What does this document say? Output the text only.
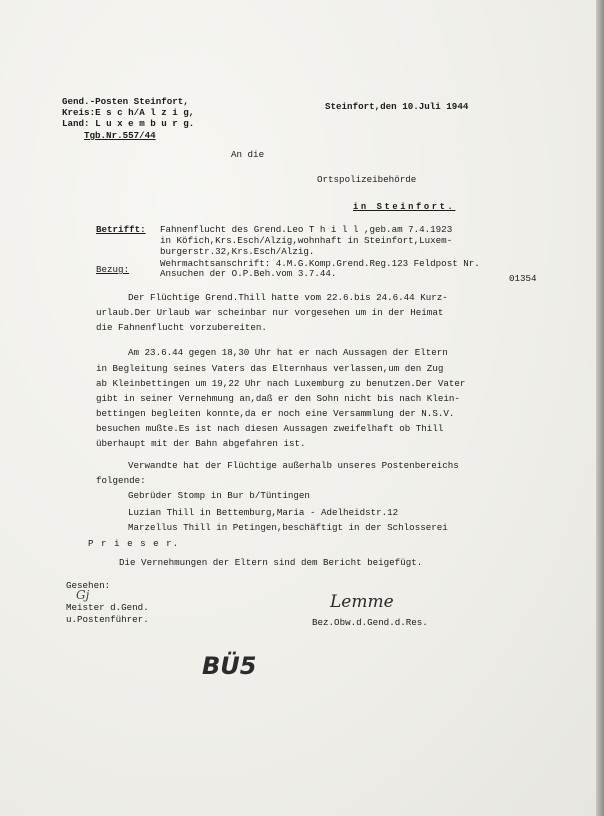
Gend.-Posten Steinfort,
Kreis:E s c h/A l z i g,
Land: L u x e m b u r g.
Tgb.Nr.557/44
Steinfort,den 10.Juli 1944
An die
Ortspolizeibehörde
in Steinfort.
Betrifft: Fahnenflucht des Grend.Leo T h i l l ,geb.am 7.4.1923
in Köfich,Krs.Esch/Alzig,wohnhaft in Steinfort,Luxem-
burgerstr.32,Krs.Esch/Alzig.
Wehrmachtsanschrift: 4.M.G.Komp.Grend.Reg.123 Feldpost Nr.
Bezug:	Ansuchen der O.P.Beh.vom 3.7.44.	01354
Der Flüchtige Grend.Thill hatte vom 22.6.bis 24.6.44 Kurz-
urlaub.Der Urlaub war scheinbar nur vorgesehen um in der Heimat
die Fahnenflucht vorzubereiten.
Am 23.6.44 gegen 18,30 Uhr hat er nach Aussagen der Eltern
in Begleitung seines Vaters das Elternhaus verlassen,um den Zug
ab Kleinbettingen um 19,22 Uhr nach Luxemburg zu benutzen.Der Vater
gibt in seiner Vernehmung an,daß er den Sohn nicht bis nach Klein-
bettingen begleiten konnte,da er noch eine Versammlung der N.S.V.
besuchen mußte.Es ist nach diesen Aussagen zweifelhaft ob Thill
überhaupt mit der Bahn abgefahren ist.
Verwandte hat der Flüchtige außerhalb unseres Postenbereichs
folgende:
Gebrüder Stomp in Bur b/Tüntingen
Luzian Thill in Bettemburg,Maria - Adelheidstr.12
Marzellus Thill in Petingen,beschäftigt in der Schlosserei
P r i e s e r.
Die Vernehmungen der Eltern sind dem Bericht beigefügt.
Gesehen:
Gj
Meister d.Gend.
u.Postenführer.
Lemme
Bez.Obw.d.Gend.d.Res.
BÜ5
